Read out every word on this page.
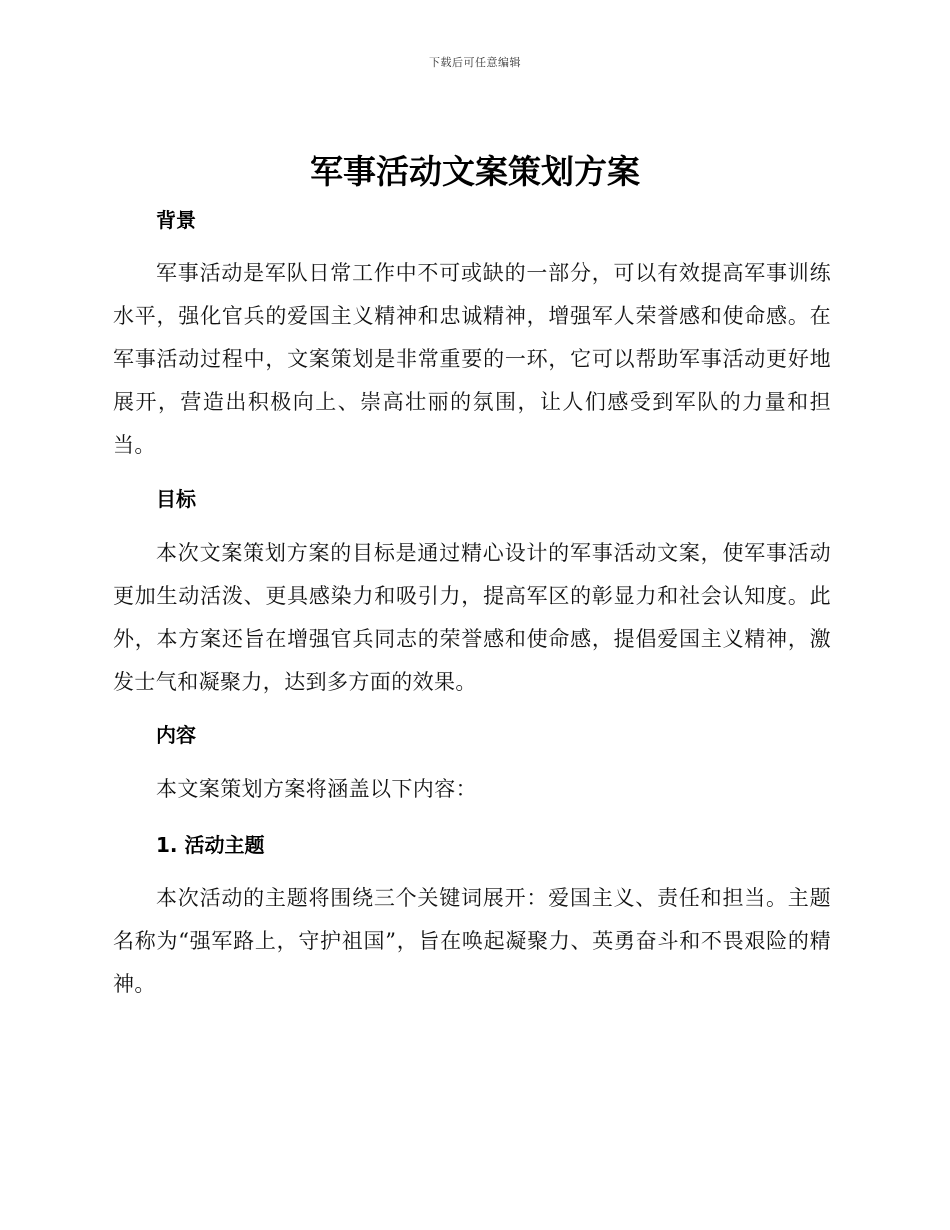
下载后可任意编辑
军事活动文案策划方案
背景

军事活动是军队日常工作中不可或缺的一部分，可以有效提高军事训练水平，强化官兵的爱国主义精神和忠诚精神，增强军人荣誉感和使命感。在军事活动过程中，文案策划是非常重要的一环，它可以帮助军事活动更好地展开，营造出积极向上、崇高壮丽的氛围，让人们感受到军队的力量和担当。

目标

本次文案策划方案的目标是通过精心设计的军事活动文案，使军事活动更加生动活泼、更具感染力和吸引力，提高军区的彰显力和社会认知度。此外，本方案还旨在增强官兵同志的荣誉感和使命感，提倡爱国主义精神，激发士气和凝聚力，达到多方面的效果。

内容

本文案策划方案将涵盖以下内容：

1. 活动主题

本次活动的主题将围绕三个关键词展开：爱国主义、责任和担当。主题名称为“强军路上，守护祖国”，旨在唤起凝聚力、英勇奋斗和不畏艰险的精神。
